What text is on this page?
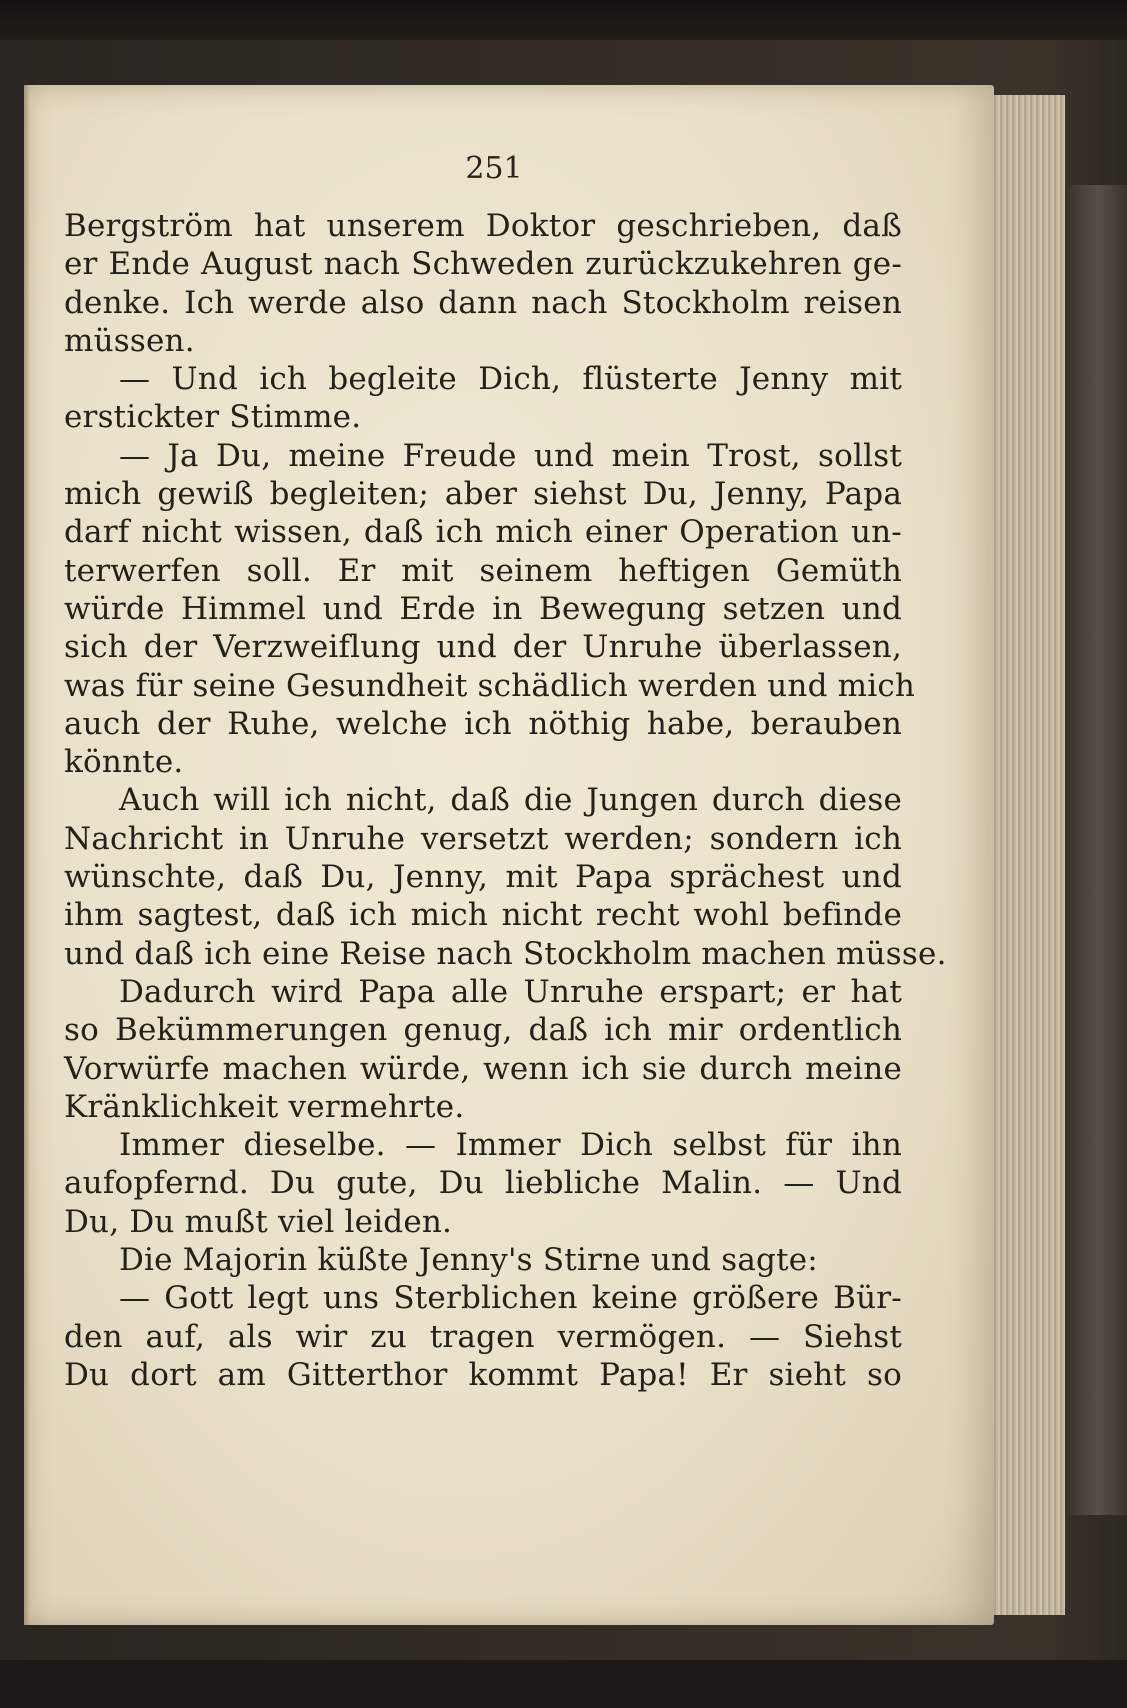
251
Bergström hat unserem Doktor geschrieben, daß
er Ende August nach Schweden zurückzukehren ge-
denke. Ich werde also dann nach Stockholm reisen
müssen.
— Und ich begleite Dich, flüsterte Jenny mit
erstickter Stimme.
— Ja Du, meine Freude und mein Trost, sollst
mich gewiß begleiten; aber siehst Du, Jenny, Papa
darf nicht wissen, daß ich mich einer Operation un-
terwerfen soll. Er mit seinem heftigen Gemüth
würde Himmel und Erde in Bewegung setzen und
sich der Verzweiflung und der Unruhe überlassen,
was für seine Gesundheit schädlich werden und mich
auch der Ruhe, welche ich nöthig habe, berauben
könnte.
Auch will ich nicht, daß die Jungen durch diese
Nachricht in Unruhe versetzt werden; sondern ich
wünschte, daß Du, Jenny, mit Papa sprächest und
ihm sagtest, daß ich mich nicht recht wohl befinde
und daß ich eine Reise nach Stockholm machen müsse.
Dadurch wird Papa alle Unruhe erspart; er hat
so Bekümmerungen genug, daß ich mir ordentlich
Vorwürfe machen würde, wenn ich sie durch meine
Kränklichkeit vermehrte.
Immer dieselbe. — Immer Dich selbst für ihn
aufopfernd. Du gute, Du liebliche Malin. — Und
Du, Du mußt viel leiden.
Die Majorin küßte Jenny's Stirne und sagte:
— Gott legt uns Sterblichen keine größere Bür-
den auf, als wir zu tragen vermögen. — Siehst
Du dort am Gitterthor kommt Papa! Er sieht so
